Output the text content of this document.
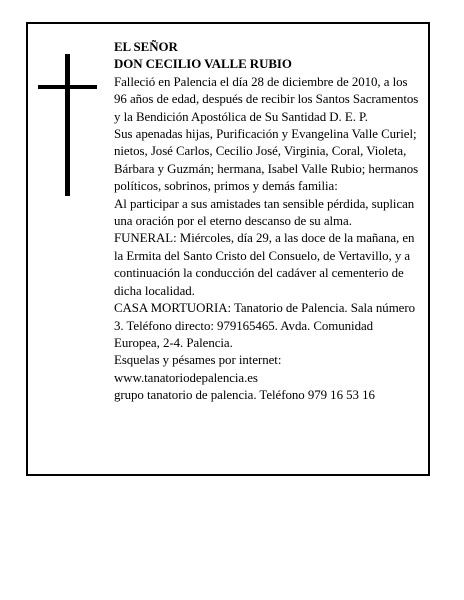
EL SEÑOR

DON CECILIO VALLE RUBIO

Falleció en Palencia el día 28 de diciembre de 2010, a los 96 años de edad, después de recibir los Santos Sacramentos y la Bendición Apostólica de Su Santidad D. E. P.

Sus apenadas hijas, Purificación y Evangelina Valle Curiel; nietos, José Carlos, Cecilio José, Virginia, Coral, Violeta, Bárbara y Guzmán; hermana, Isabel Valle Rubio; hermanos políticos, sobrinos, primos y demás familia:

Al participar a sus amistades tan sensible pérdida, suplican una oración por el eterno descanso de su alma.

FUNERAL: Miércoles, día 29, a las doce de la mañana, en la Ermita del Santo Cristo del Consuelo, de Vertavillo, y a continuación la conducción del cadáver al cementerio de dicha localidad.

CASA MORTUORIA: Tanatorio de Palencia. Sala número 3. Teléfono directo: 979165465. Avda. Comunidad Europea, 2-4. Palencia.

Esquelas y pésames por internet:

www.tanatoriodepalencia.es

grupo tanatorio de palencia. Teléfono 979 16 53 16
